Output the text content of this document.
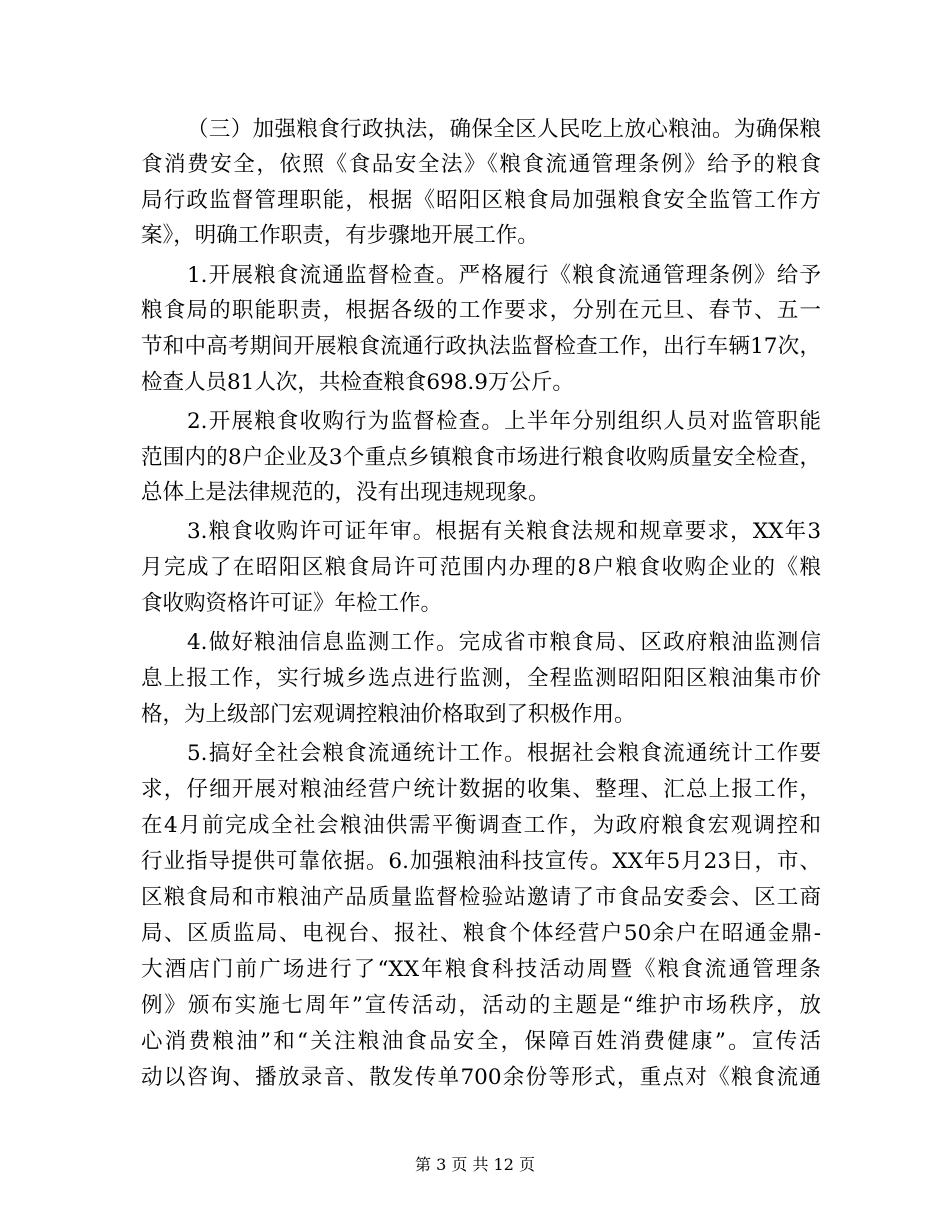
（三）加强粮食行政执法，确保全区人民吃上放心粮油。为确保粮
食消费安全，依照《食品安全法》《粮食流通管理条例》给予的粮食
局行政监督管理职能，根据《昭阳区粮食局加强粮食安全监管工作方
案》，明确工作职责，有步骤地开展工作。
1.开展粮食流通监督检查。严格履行《粮食流通管理条例》给予
粮食局的职能职责，根据各级的工作要求，分别在元旦、春节、五一
节和中高考期间开展粮食流通行政执法监督检查工作，出行车辆17次，
检查人员81人次，共检查粮食698.9万公斤。
2.开展粮食收购行为监督检查。上半年分别组织人员对监管职能
范围内的8户企业及3个重点乡镇粮食市场进行粮食收购质量安全检查，
总体上是法律规范的，没有出现违规现象。
3.粮食收购许可证年审。根据有关粮食法规和规章要求，XX年3
月完成了在昭阳区粮食局许可范围内办理的8户粮食收购企业的《粮
食收购资格许可证》年检工作。
4.做好粮油信息监测工作。完成省市粮食局、区政府粮油监测信
息上报工作，实行城乡选点进行监测，全程监测昭阳阳区粮油集市价
格，为上级部门宏观调控粮油价格取到了积极作用。
5.搞好全社会粮食流通统计工作。根据社会粮食流通统计工作要
求，仔细开展对粮油经营户统计数据的收集、整理、汇总上报工作，
在4月前完成全社会粮油供需平衡调查工作，为政府粮食宏观调控和
行业指导提供可靠依据。6.加强粮油科技宣传。XX年5月23日，市、
区粮食局和市粮油产品质量监督检验站邀请了市食品安委会、区工商
局、区质监局、电视台、报社、粮食个体经营户50余户在昭通金鼎-
大酒店门前广场进行了“XX年粮食科技活动周暨《粮食流通管理条
例》颁布实施七周年”宣传活动，活动的主题是“维护市场秩序，放
心消费粮油”和“关注粮油食品安全，保障百姓消费健康”。宣传活
动以咨询、播放录音、散发传单700余份等形式，重点对《粮食流通
第 3 页 共 12 页
